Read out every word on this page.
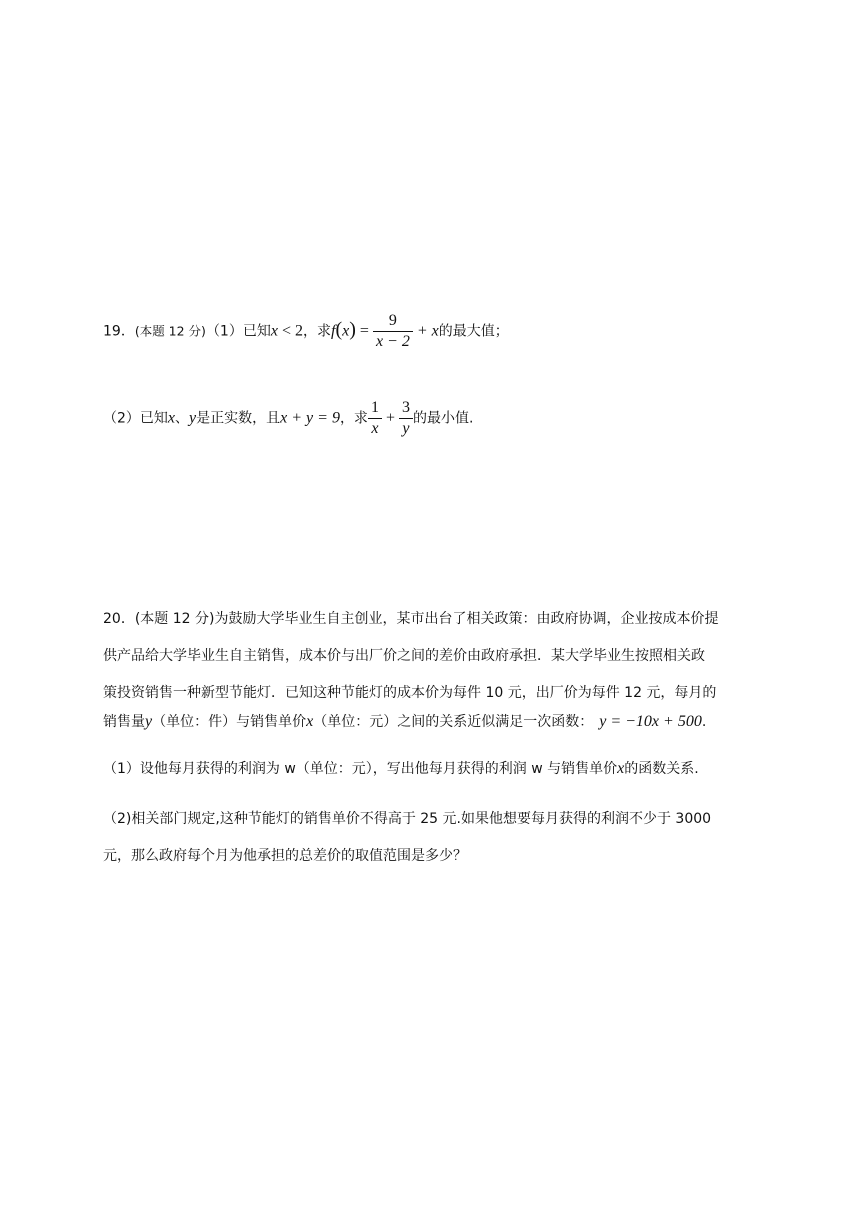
19．(本题 12 分)（1）已知x < 2，求$f(x) = \frac{9}{x - 2} + x$的最大值；
（2）已知x、y是正实数，且x + y = 9，求 $\frac{1}{x} + \frac{3}{y}$ 的最小值.
20．(本题 12 分)为鼓励大学毕业生自主创业，某市出台了相关政策：由政府协调，企业按成本价提
供产品给大学毕业生自主销售，成本价与出厂价之间的差价由政府承担．某大学毕业生按照相关政
策投资销售一种新型节能灯．已知这种节能灯的成本价为每件 10 元，出厂价为每件 12 元，每月的
销售量y（单位：件）与销售单价x（单位：元）之间的关系近似满足一次函数： y = −10x + 500.
（1）设他每月获得的利润为 w（单位：元），写出他每月获得的利润 w 与销售单价x的函数关系.
（2)相关部门规定,这种节能灯的销售单价不得高于 25 元.如果他想要每月获得的利润不少于 3000
元，那么政府每个月为他承担的总差价的取值范围是多少？
